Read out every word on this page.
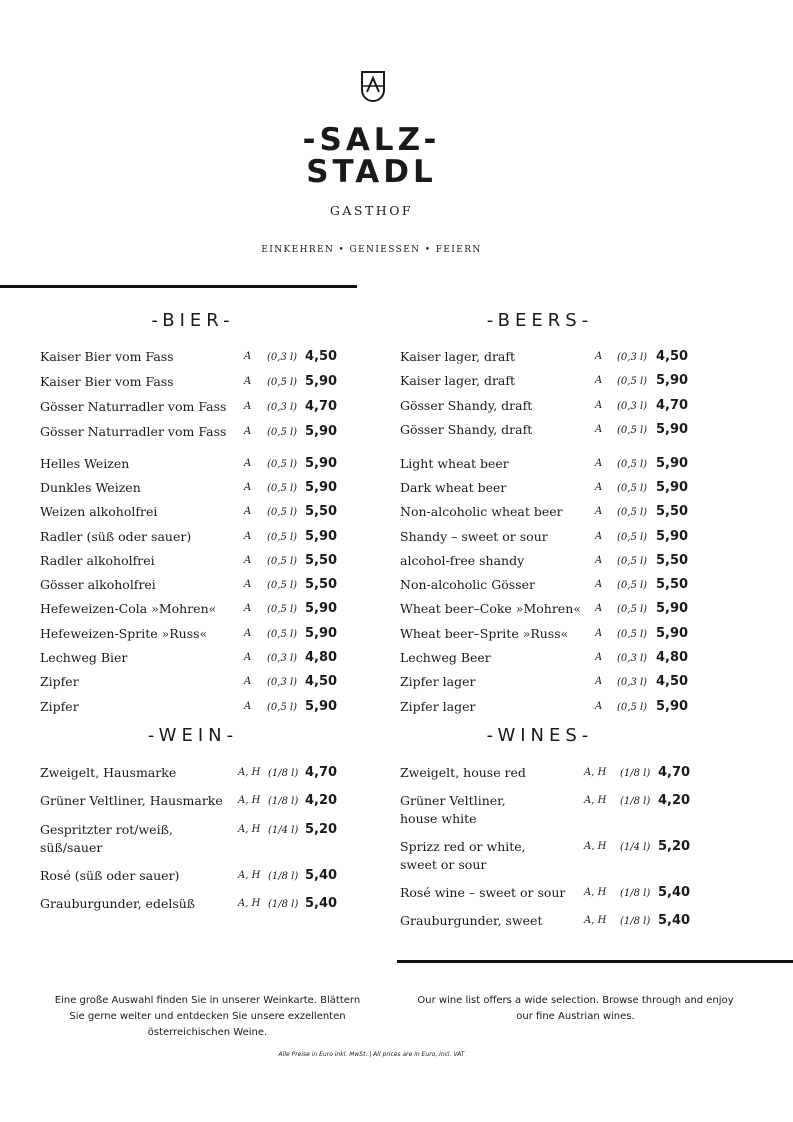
-SALZ-
STADL
GASTHOF
EINKEHREN • GENIESSEN • FEIERN
-BIER-	-BEERS-
-WEIN-	-WINES-
Kaiser Bier vom Fass	A (0,3 l) 4,50
Kaiser Bier vom Fass	A (0,5 l) 5,90
Gösser Naturradler vom Fass A (0,3 l) 4,70
Gösser Naturradler vom Fass A (0,5 l) 5,90
Helles Weizen	A (0,5 l) 5,90
Dunkles Weizen	A (0,5 l) 5,90
Weizen alkoholfrei	A (0,5 l) 5,50
Radler (süß oder sauer)	A (0,5 l) 5,90
Radler alkoholfrei	A (0,5 l) 5,50
Gösser alkoholfrei	A (0,5 l) 5,50
Hefeweizen-Cola »Mohren«	A (0,5 l) 5,90
Hefeweizen-Sprite »Russ«	A (0,5 l) 5,90
Lechweg Bier	A (0,3 l) 4,80
Zipfer	A (0,3 l) 4,50
Zipfer	A (0,5 l) 5,90
Kaiser lager, draft	A (0,3 l) 4,50
Kaiser lager, draft	A (0,5 l) 5,90
Gösser Shandy, draft	A (0,3 l) 4,70
Gösser Shandy, draft	A (0,5 l) 5,90
Light wheat beer	A (0,5 l) 5,90
Dark wheat beer	A (0,5 l) 5,90
Non-alcoholic wheat beer	A (0,5 l) 5,50
Shandy – sweet or sour	A (0,5 l) 5,90
alcohol-free shandy	A (0,5 l) 5,50
Non-alcoholic Gösser	A (0,5 l) 5,50
Wheat beer–Coke »Mohren« A (0,5 l) 5,90
Wheat beer–Sprite »Russ«	A (0,5 l) 5,90
Lechweg Beer	A (0,3 l) 4,80
Zipfer lager	A (0,3 l) 4,50
Zipfer lager	A (0,5 l) 5,90
Zweigelt, Hausmarke	A, H (1/8 l) 4,70
Grüner Veltliner, Hausmarke A, H (1/8 l) 4,20
Gespritzter rot/weiß,
süß/sauer
A, H (1/4 l) 5,20
Rosé (süß oder sauer)	A, H (1/8 l) 5,40
Grauburgunder, edelsüß	A, H (1/8 l) 5,40
Zweigelt, house red	A, H (1/8 l) 4,70
Grüner Veltliner,
house white
A, H (1/8 l) 4,20
Sprizz red or white,
sweet or sour
A, H (1/4 l) 5,20
Rosé wine – sweet or sour A, H (1/8 l) 5,40
Grauburgunder, sweet	A, H (1/8 l) 5,40
Eine große Auswahl finden Sie in unserer Weinkarte. Blättern
Sie gerne weiter und entdecken Sie unsere exzellenten
österreichischen Weine.
Our wine list offers a wide selection. Browse through and enjoy
our fine Austrian wines.
Alle Preise in Euro inkl. MwSt. | All prices are in Euro, incl. VAT
